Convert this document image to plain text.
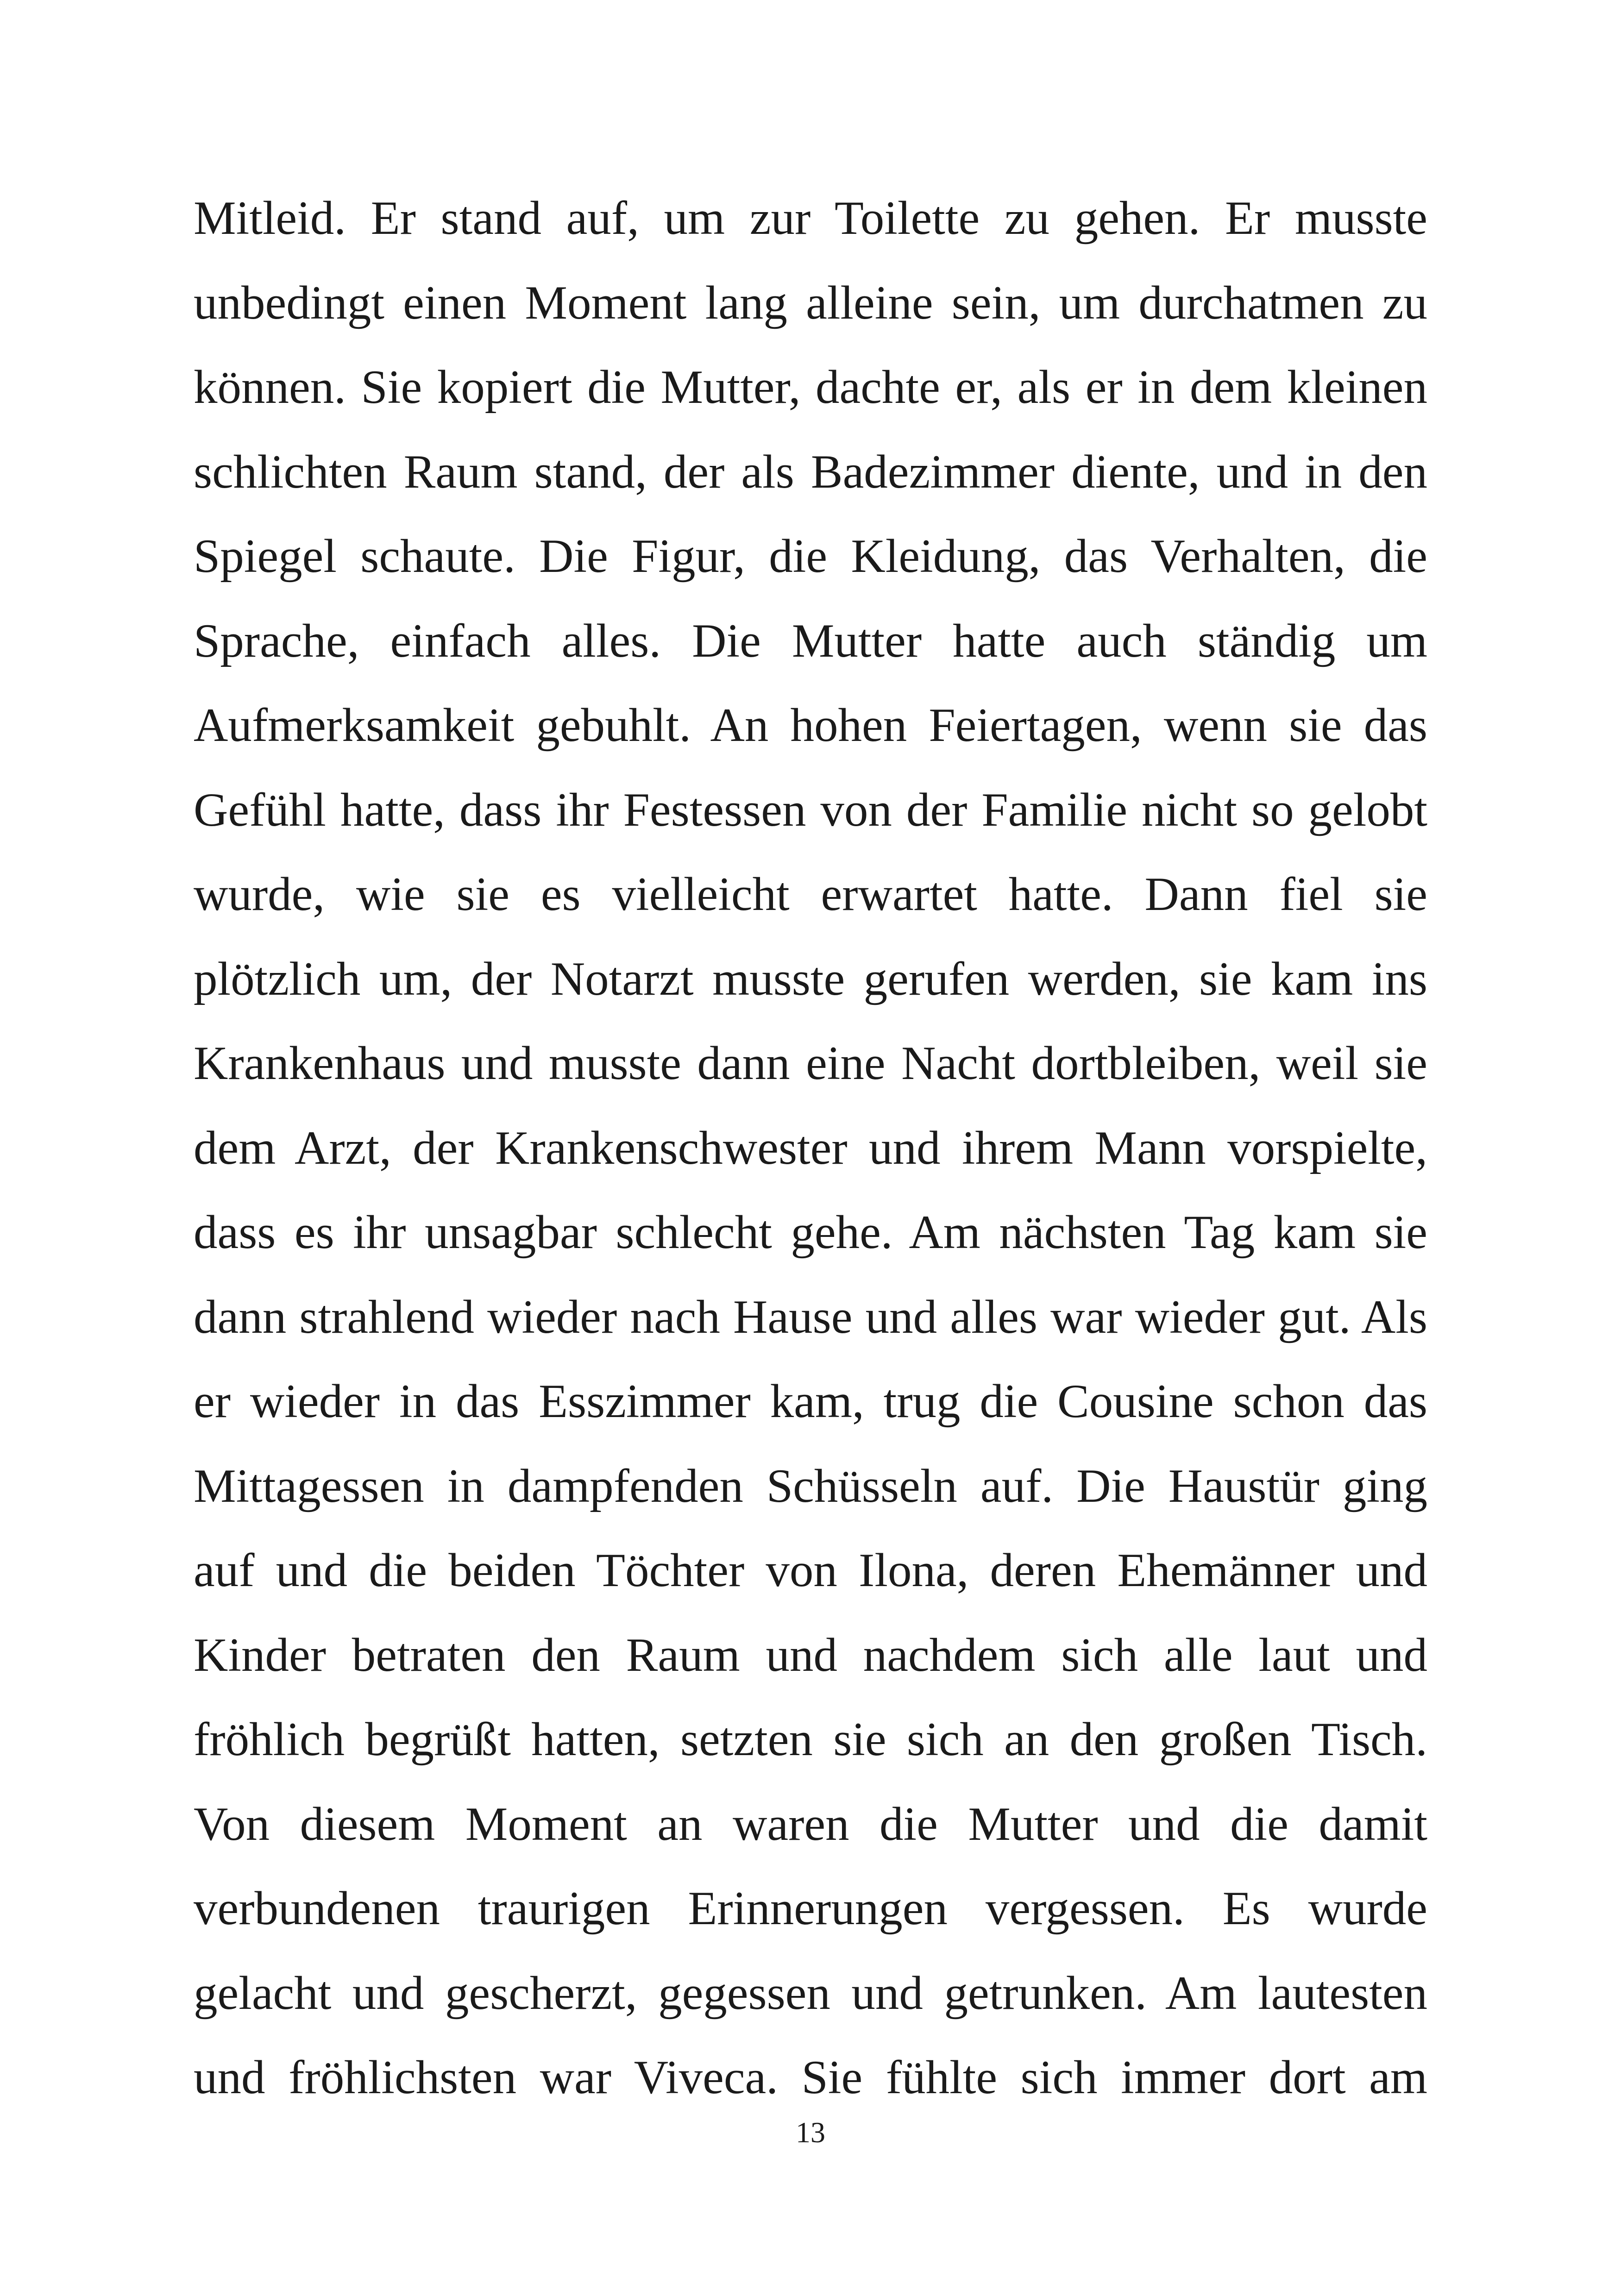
Mitleid. Er stand auf, um zur Toilette zu gehen. Er musste
unbedingt einen Moment lang alleine sein, um durchatmen zu
können. Sie kopiert die Mutter, dachte er, als er in dem kleinen
schlichten Raum stand, der als Badezimmer diente, und in den
Spiegel schaute. Die Figur, die Kleidung, das Verhalten, die
Sprache, einfach alles. Die Mutter hatte auch ständig um
Aufmerksamkeit gebuhlt. An hohen Feiertagen, wenn sie das
Gefühl hatte, dass ihr Festessen von der Familie nicht so gelobt
wurde, wie sie es vielleicht erwartet hatte. Dann fiel sie
plötzlich um, der Notarzt musste gerufen werden, sie kam ins
Krankenhaus und musste dann eine Nacht dortbleiben, weil sie
dem Arzt, der Krankenschwester und ihrem Mann vorspielte,
dass es ihr unsagbar schlecht gehe. Am nächsten Tag kam sie
dann strahlend wieder nach Hause und alles war wieder gut. Als
er wieder in das Esszimmer kam, trug die Cousine schon das
Mittagessen in dampfenden Schüsseln auf. Die Haustür ging
auf und die beiden Töchter von Ilona, deren Ehemänner und
Kinder betraten den Raum und nachdem sich alle laut und
fröhlich begrüßt hatten, setzten sie sich an den großen Tisch.
Von diesem Moment an waren die Mutter und die damit
verbundenen traurigen Erinnerungen vergessen. Es wurde
gelacht und gescherzt, gegessen und getrunken. Am lautesten
und fröhlichsten war Viveca. Sie fühlte sich immer dort am
13
